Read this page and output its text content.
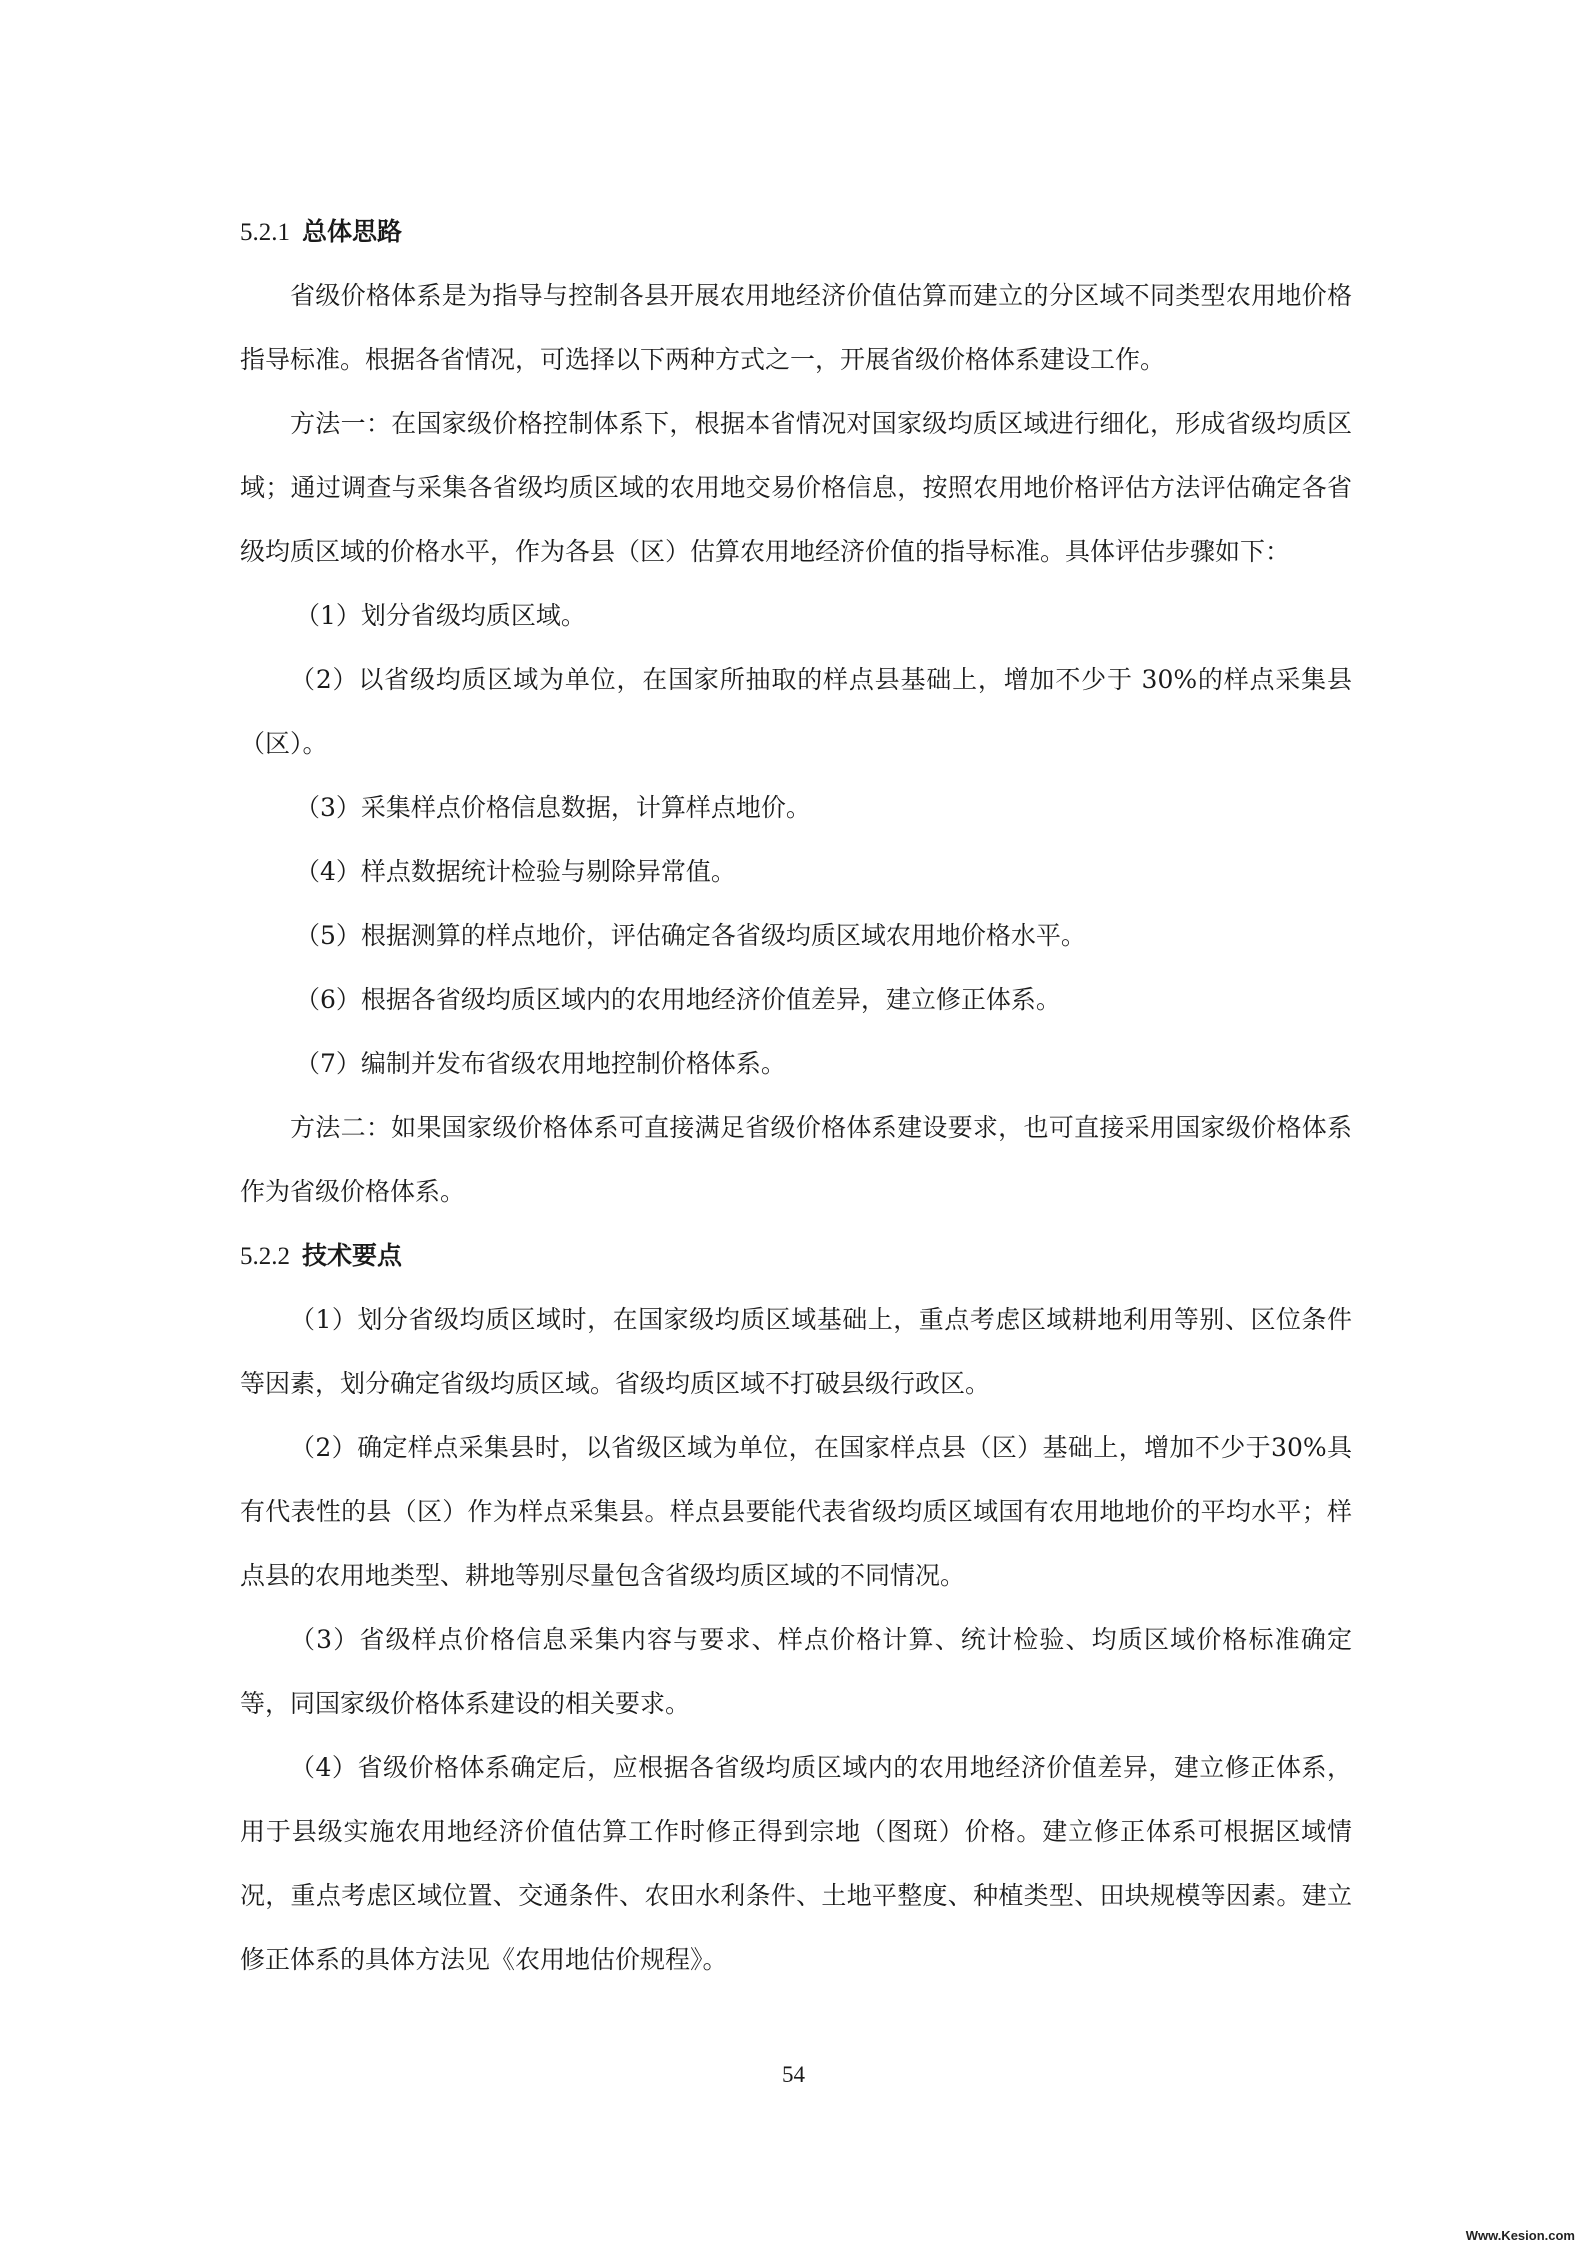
5.2.1 总体思路

省级价格体系是为指导与控制各县开展农用地经济价值估算而建立的分区域不同类型农用地价格指导标准。根据各省情况，可选择以下两种方式之一，开展省级价格体系建设工作。

方法一：在国家级价格控制体系下，根据本省情况对国家级均质区域进行细化，形成省级均质区域；通过调查与采集各省级均质区域的农用地交易价格信息，按照农用地价格评估方法评估确定各省级均质区域的价格水平，作为各县（区）估算农用地经济价值的指导标准。具体评估步骤如下：

（1）划分省级均质区域。

（2）以省级均质区域为单位，在国家所抽取的样点县基础上，增加不少于 30%的样点采集县（区）。

（3）采集样点价格信息数据，计算样点地价。

（4）样点数据统计检验与剔除异常值。

（5）根据测算的样点地价，评估确定各省级均质区域农用地价格水平。

（6）根据各省级均质区域内的农用地经济价值差异，建立修正体系。

（7）编制并发布省级农用地控制价格体系。

方法二：如果国家级价格体系可直接满足省级价格体系建设要求，也可直接采用国家级价格体系作为省级价格体系。

5.2.2 技术要点

（1）划分省级均质区域时，在国家级均质区域基础上，重点考虑区域耕地利用等别、区位条件等因素，划分确定省级均质区域。省级均质区域不打破县级行政区。

（2）确定样点采集县时，以省级区域为单位，在国家样点县（区）基础上，增加不少于30%具有代表性的县（区）作为样点采集县。样点县要能代表省级均质区域国有农用地地价的平均水平；样点县的农用地类型、耕地等别尽量包含省级均质区域的不同情况。

（3）省级样点价格信息采集内容与要求、样点价格计算、统计检验、均质区域价格标准确定等，同国家级价格体系建设的相关要求。

（4）省级价格体系确定后，应根据各省级均质区域内的农用地经济价值差异，建立修正体系，用于县级实施农用地经济价值估算工作时修正得到宗地（图斑）价格。建立修正体系可根据区域情况，重点考虑区域位置、交通条件、农田水利条件、土地平整度、种植类型、田块规模等因素。建立修正体系的具体方法见《农用地估价规程》。

54
Www.Kesion.com
